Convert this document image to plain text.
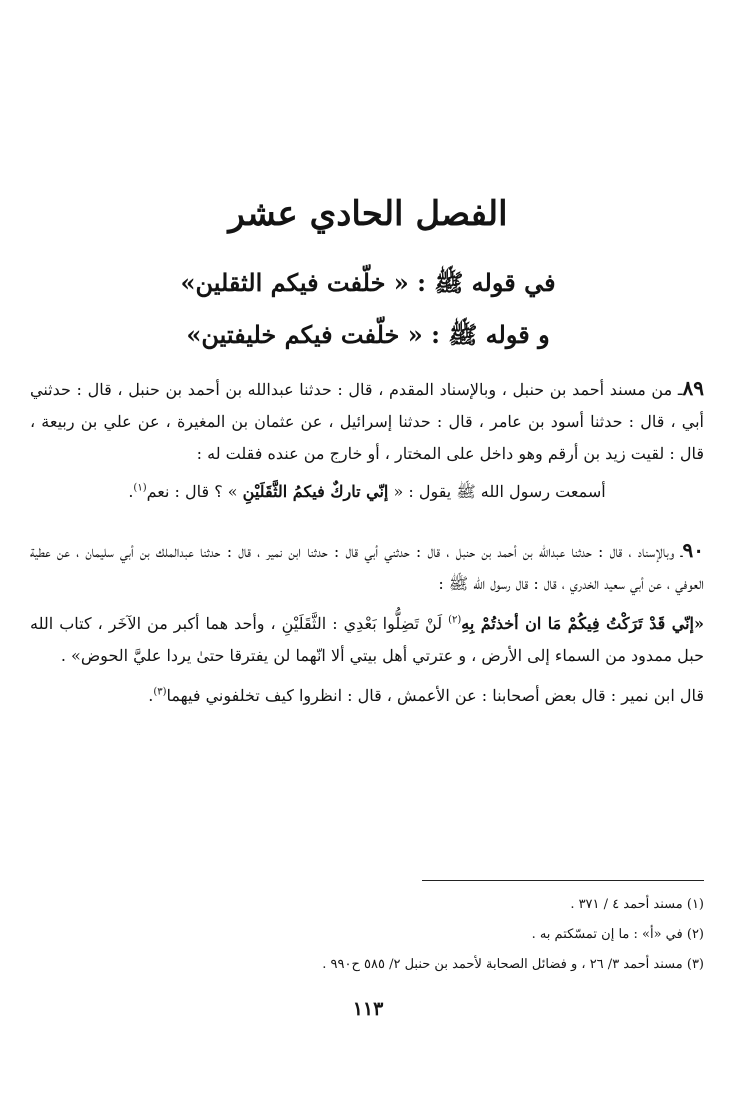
الفصل الحادي عشر
في قوله ﷺ : « خلّفت فيكم الثقلين»
و قوله ﷺ : « خلّفت فيكم خليفتين»

٨٩ـ من مسند أحمد بن حنبل ، وبالإسناد المقدم ، قال : حدثنا عبدالله بن أحمد بن حنبل ، قال : حدثني أبي ، قال : حدثنا أسود بن عامر ، قال : حدثنا إسرائيل ، عن عثمان بن المغيرة ، عن علي بن ربيعة ، قال : لقيت زيد بن أرقم وهو داخل على المختار ، أو خارج من عنده فقلت له :

أسمعت رسول الله ﷺ يقول : « إنّي تاركٌ فيكمُ الثَّقَلَيْنِ » ؟ قال : نعم$^{(١)}$.

٩٠ـ وبالإسناد ، قال : حدثنا عبدالله بن أحمد بن حنبل ، قال : حدثني أبي قال : حدثنا ابن نمير ، قال : حدثنا عبدالملك بن أبي سليمان ، عن عطية العوفي ، عن أبي سعيد الخدري ، قال : قال رسول الله ﷺ :

«إنّي قَدْ تَرَكْتُ فِيكُمْ مَا ان أخذتُمْ بِهِ$^{(٢)}$ لَنْ تَضِلُّوا بَعْدِي : الثَّقَلَيْنِ ، وأحد هما أكبر من الآخَر ، كتاب الله حبل ممدود من السماء إلى الأرض ، و عترتي أهل بيتي ألا انّهما لن يفترقا حتىٰ يردا عليَّ الحوض» .

قال ابن نمير : قال بعض أصحابنا : عن الأعمش ، قال : انظروا كيف تخلفوني فيهما$^{(٣)}$.

(١) مسند أحمد ٤ / ٣٧١ .

(٢) في «أ» : ما إن تمسّكتم به .

(٣) مسند أحمد ٣/ ٢٦ ، و فضائل الصحابة لأحمد بن حنبل ٢/ ٥٨٥ ح٩٩٠ .

١١٣
